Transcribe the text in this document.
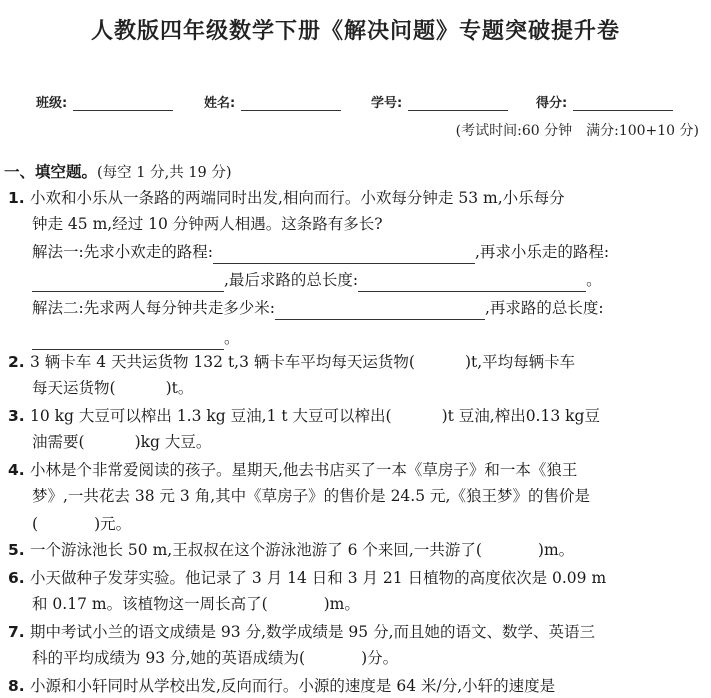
人教版四年级数学下册《解决问题》专题突破提升卷
班级:	姓名:	学号:	得分:
(考试时间:60 分钟　满分:100+10 分)
一、填空题。(每空 1 分,共 19 分)
1. 小欢和小乐从一条路的两端同时出发,相向而行。小欢每分钟走 53 m,小乐每分
钟走 45 m,经过 10 分钟两人相遇。这条路有多长?
解法一:先求小欢走的路程:	,再求小乐走的路程:
,最后求路的总长度:	。
解法二:先求两人每分钟共走多少米:	,再求路的总长度:
。
2. 3 辆卡车 4 天共运货物 132 t,3 辆卡车平均每天运货物(	)t,平均每辆卡车
每天运货物(	)t。
3. 10 kg 大豆可以榨出 1.3 kg 豆油,1 t 大豆可以榨出(	)t 豆油,榨出0.13 kg豆
油需要(	)kg 大豆。
4. 小林是个非常爱阅读的孩子。星期天,他去书店买了一本《草房子》和一本《狼王
梦》,一共花去 38 元 3 角,其中《草房子》的售价是 24.5 元,《狼王梦》的售价是
(	)元。
5. 一个游泳池长 50 m,王叔叔在这个游泳池游了 6 个来回,一共游了(	)m。
6. 小天做种子发芽实验。他记录了 3 月 14 日和 3 月 21 日植物的高度依次是 0.09 m
和 0.17 m。该植物这一周长高了(	)m。
7. 期中考试小兰的语文成绩是 93 分,数学成绩是 95 分,而且她的语文、数学、英语三
科的平均成绩为 93 分,她的英语成绩为(	)分。
8. 小源和小轩同时从学校出发,反向而行。小源的速度是 64 米/分,小轩的速度是
